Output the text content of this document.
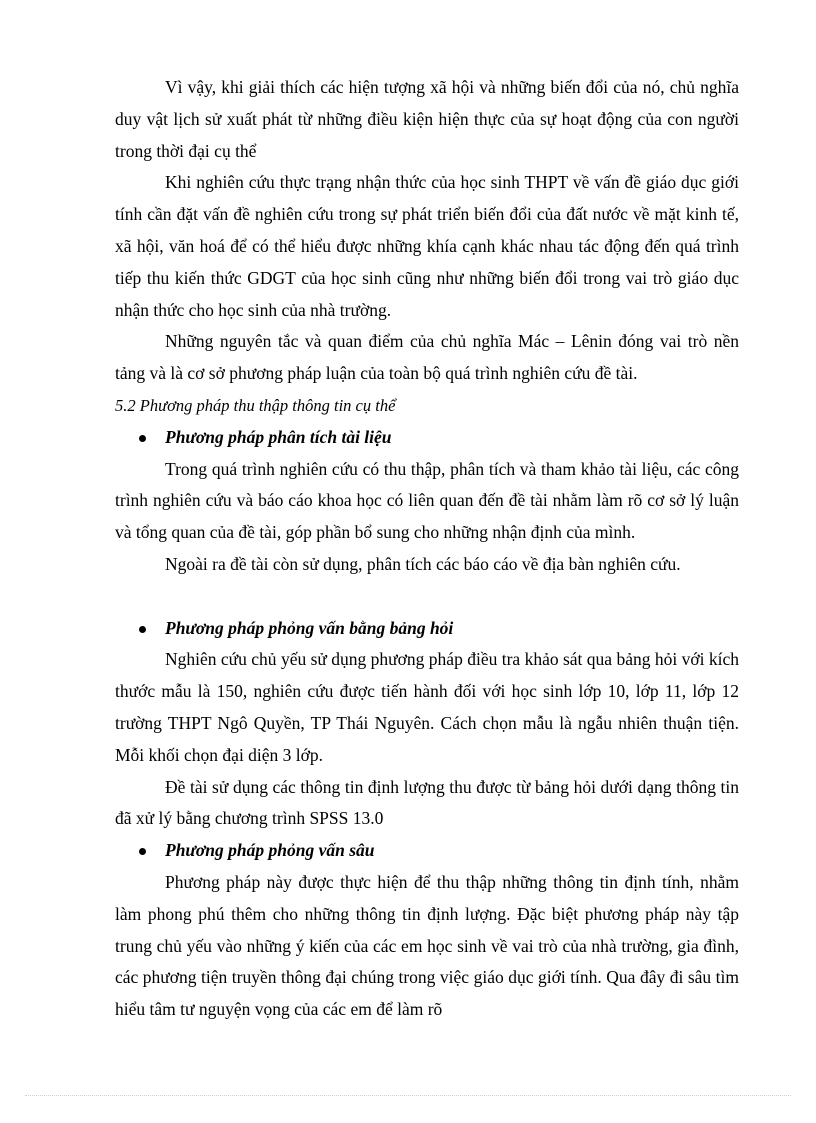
Vì vậy, khi giải thích các hiện tượng xã hội và những biến đổi của nó, chủ nghĩa duy vật lịch sử xuất phát từ những điều kiện hiện thực của sự hoạt động của con người trong thời đại cụ thể

Khi nghiên cứu thực trạng nhận thức của học sinh THPT về vấn đề giáo dục giới tính cần đặt vấn đề nghiên cứu trong sự phát triển biến đổi của đất nước về mặt kinh tế, xã hội, văn hoá để có thể hiểu được những khía cạnh khác nhau tác động đến quá trình tiếp thu kiến thức GDGT của học sinh cũng như những biến đổi trong vai trò giáo dục nhận thức cho học sinh của nhà trường.

Những nguyên tắc và quan điểm của chủ nghĩa Mác – Lênin đóng vai trò nền tảng và là cơ sở phương pháp luận của toàn bộ quá trình nghiên cứu đề tài.

5.2 Phương pháp thu thập thông tin cụ thể
Phương pháp phân tích tài liệu

Trong quá trình nghiên cứu có thu thập, phân tích và tham khảo tài liệu, các công trình nghiên cứu và báo cáo khoa học có liên quan đến đề tài nhằm làm rõ cơ sở lý luận và tổng quan của đề tài, góp phần bổ sung cho những nhận định của mình.

Ngoài ra đề tài còn sử dụng, phân tích các báo cáo về địa bàn nghiên cứu.

Phương pháp phỏng vấn bằng bảng hỏi

Nghiên cứu chủ yếu sử dụng phương pháp điều tra khảo sát qua bảng hỏi với kích thước mẫu là 150, nghiên cứu được tiến hành đối với học sinh lớp 10, lớp 11, lớp 12 trường THPT Ngô Quyền, TP Thái Nguyên. Cách chọn mẫu là ngẫu nhiên thuận tiện. Mỗi khối chọn đại diện 3 lớp.

Đề tài sử dụng các thông tin định lượng thu được từ bảng hỏi dưới dạng thông tin đã xử lý bằng chương trình SPSS 13.0

Phương pháp phỏng vấn sâu

Phương pháp này được thực hiện để thu thập những thông tin định tính, nhằm làm phong phú thêm cho những thông tin định lượng. Đặc biệt phương pháp này tập trung chủ yếu vào những ý kiến của các em học sinh về vai trò của nhà trường, gia đình, các phương tiện truyền thông đại chúng trong việc giáo dục giới tính. Qua đây đi sâu tìm hiểu tâm tư nguyện vọng của các em để làm rõ
